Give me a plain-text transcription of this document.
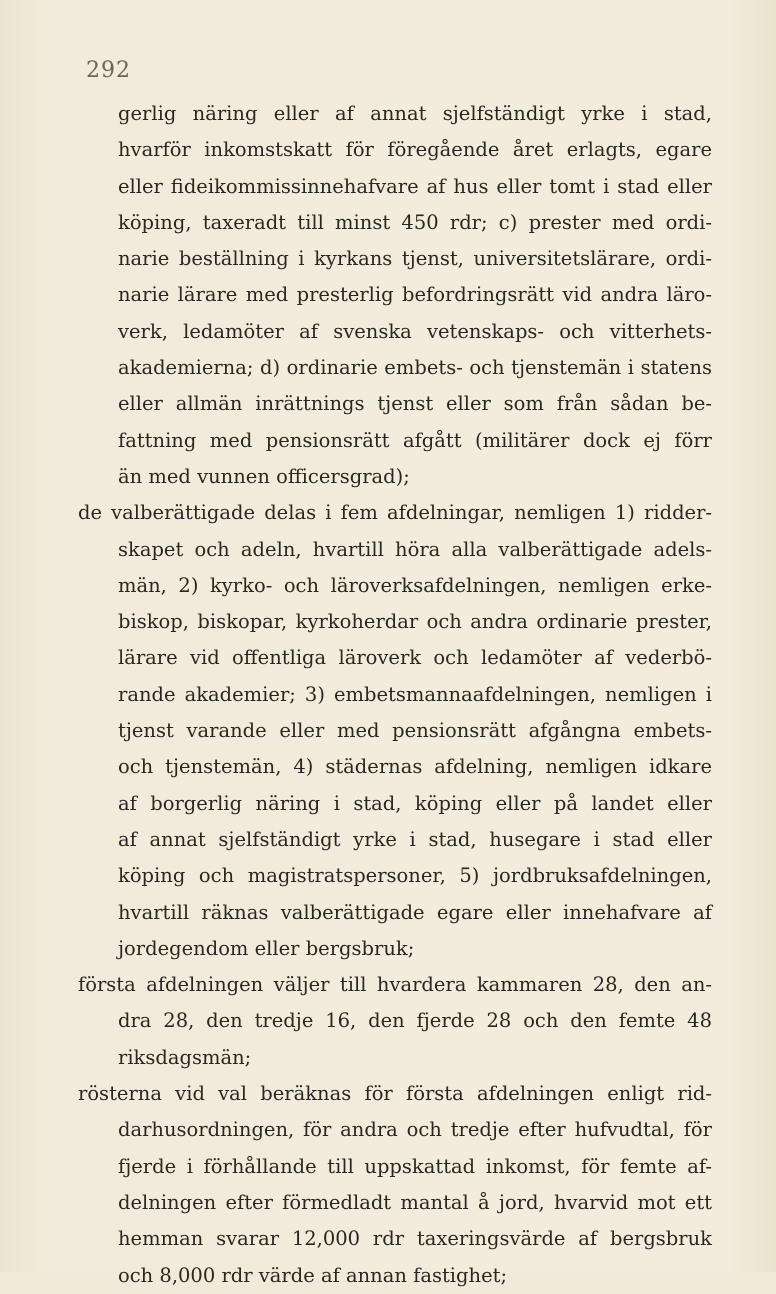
292
gerlig näring eller af annat sjelfständigt yrke i stad,
hvarför inkomstskatt för föregående året erlagts, egare
eller fideikommissinnehafvare af hus eller tomt i stad eller
köping, taxeradt till minst 450 rdr; c) prester med ordi-
narie beställning i kyrkans tjenst, universitetslärare, ordi-
narie lärare med presterlig befordringsrätt vid andra läro-
verk, ledamöter af svenska vetenskaps- och vitterhets-
akademierna; d) ordinarie embets- och tjenstemän i statens
eller allmän inrättnings tjenst eller som från sådan be-
fattning med pensionsrätt afgått (militärer dock ej förr
än med vunnen officersgrad);
de valberättigade delas i fem afdelningar, nemligen 1) ridder-
skapet och adeln, hvartill höra alla valberättigade adels-
män, 2) kyrko- och läroverksafdelningen, nemligen erke-
biskop, biskopar, kyrkoherdar och andra ordinarie prester,
lärare vid offentliga läroverk och ledamöter af vederbö-
rande akademier; 3) embetsmannaafdelningen, nemligen i
tjenst varande eller med pensionsrätt afgångna embets-
och tjenstemän, 4) städernas afdelning, nemligen idkare
af borgerlig näring i stad, köping eller på landet eller
af annat sjelfständigt yrke i stad, husegare i stad eller
köping och magistratspersoner, 5) jordbruksafdelningen,
hvartill räknas valberättigade egare eller innehafvare af
jordegendom eller bergsbruk;
första afdelningen väljer till hvardera kammaren 28, den an-
dra 28, den tredje 16, den fjerde 28 och den femte 48
riksdagsmän;
rösterna vid val beräknas för första afdelningen enligt rid-
darhusordningen, för andra och tredje efter hufvudtal, för
fjerde i förhållande till uppskattad inkomst, för femte af-
delningen efter förmedladt mantal å jord, hvarvid mot ett
hemman svarar 12,000 rdr taxeringsvärde af bergsbruk
och 8,000 rdr värde af annan fastighet;
